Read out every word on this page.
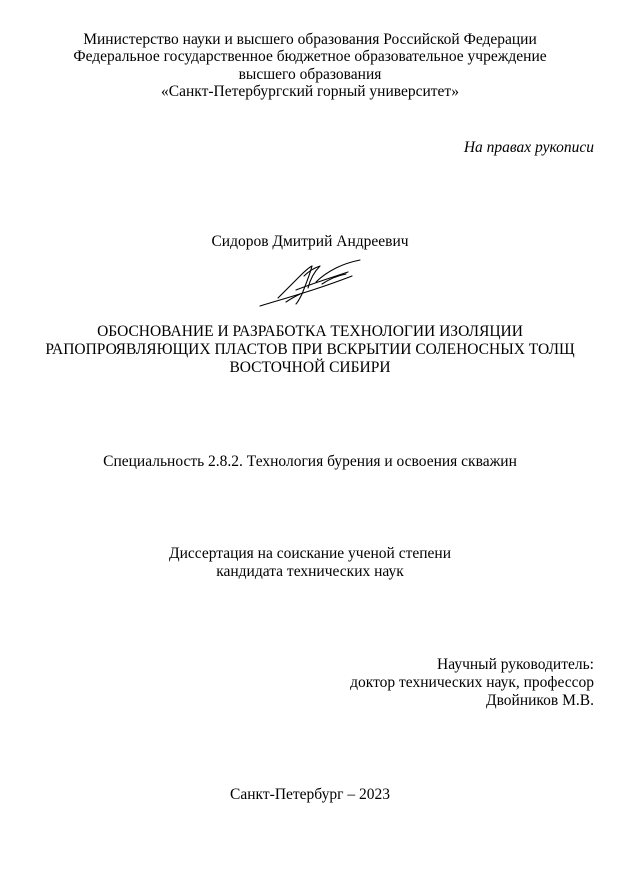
Министерство науки и высшего образования Российской Федерации
Федеральное государственное бюджетное образовательное учреждение
высшего образования
«Санкт-Петербургский горный университет»
На правах рукописи
Сидоров Дмитрий Андреевич
ОБОСНОВАНИЕ И РАЗРАБОТКА ТЕХНОЛОГИИ ИЗОЛЯЦИИ
РАПОПРОЯВЛЯЮЩИХ ПЛАСТОВ ПРИ ВСКРЫТИИ СОЛЕНОСНЫХ ТОЛЩ
ВОСТОЧНОЙ СИБИРИ
Специальность 2.8.2. Технология бурения и освоения скважин
Диссертация на соискание ученой степени
кандидата технических наук
Научный руководитель:
доктор технических наук, профессор
Двойников М.В.
Санкт-Петербург – 2023
